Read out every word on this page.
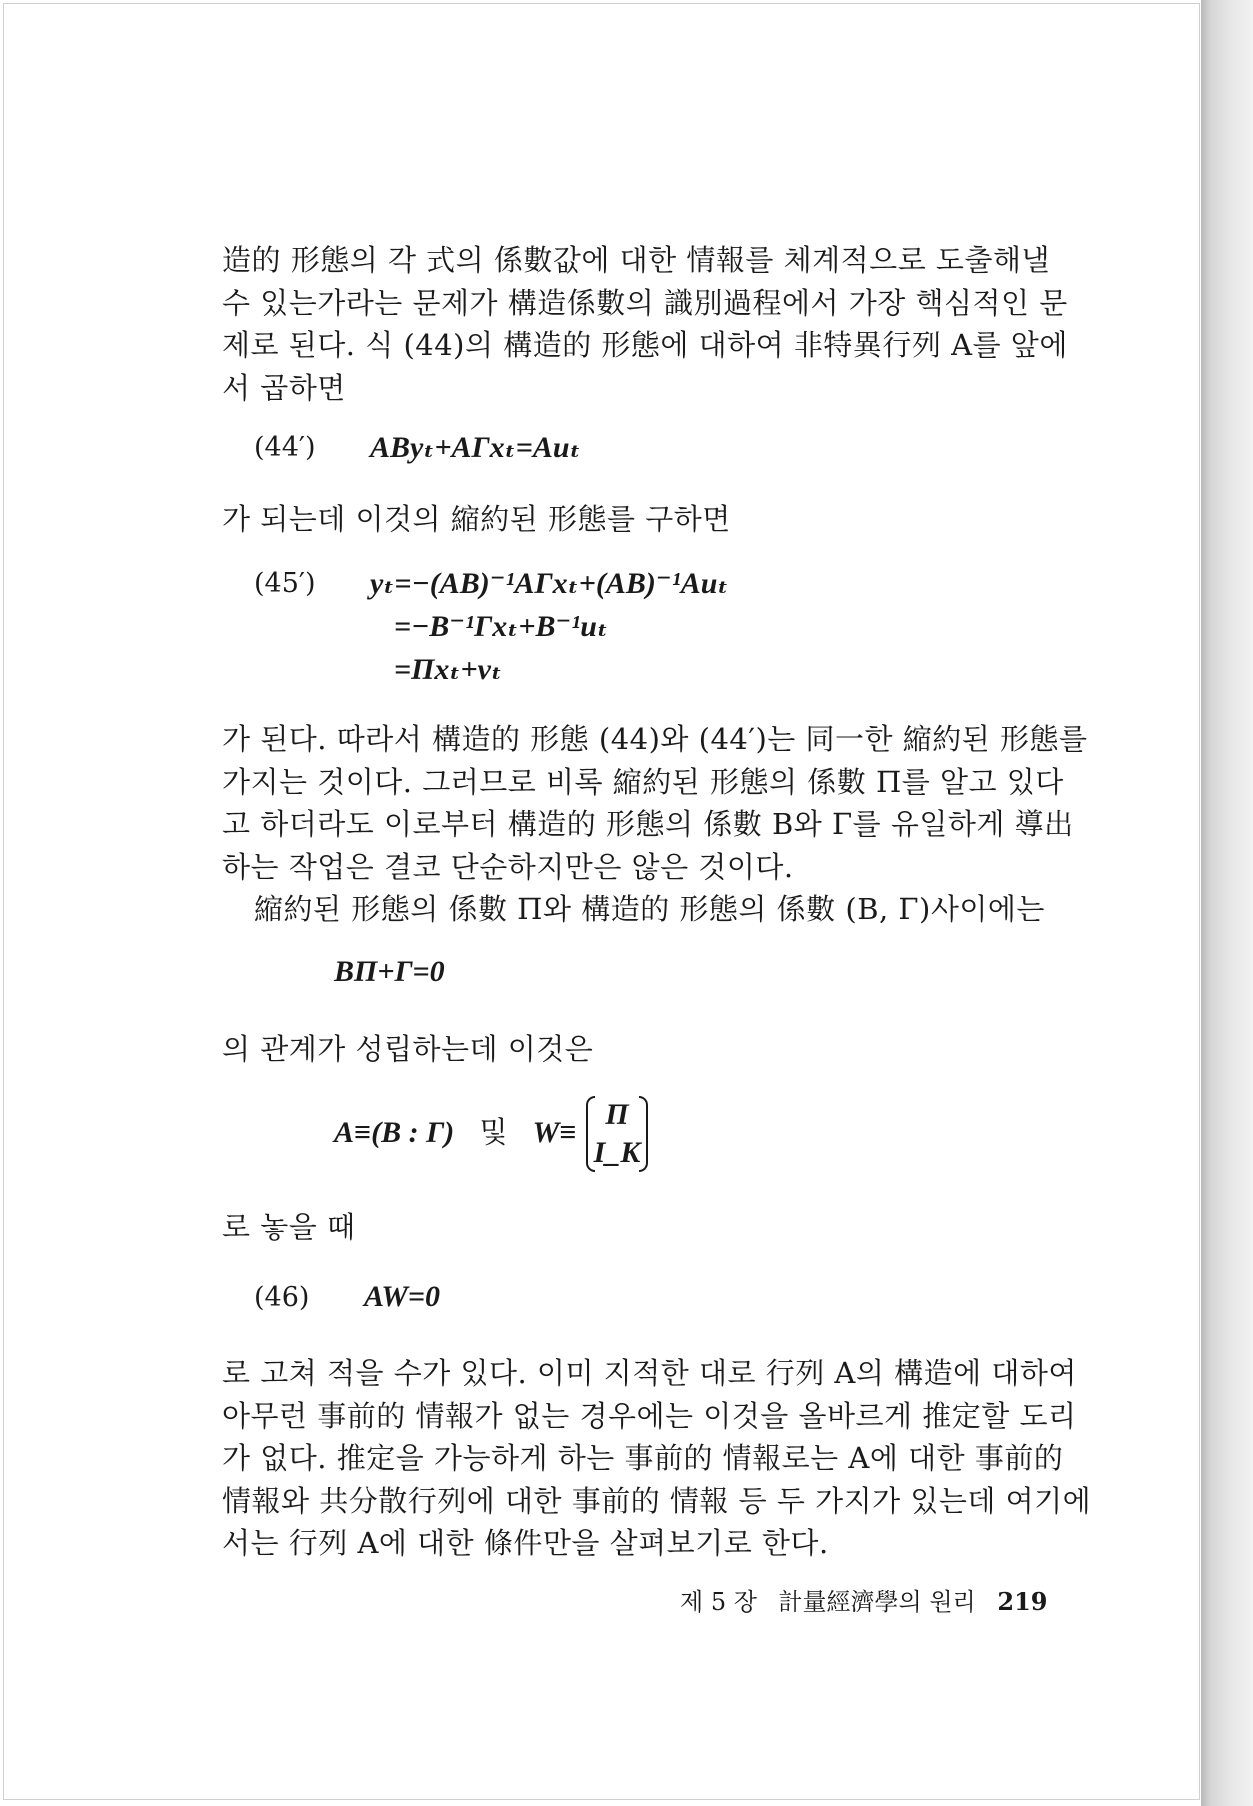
造的 形態의 각 式의 係數값에 대한 情報를 체계적으로 도출해낼
수 있는가라는 문제가 構造係數의 識別過程에서 가장 핵심적인 문
제로 된다. 식 (44)의 構造的 形態에 대하여 非特異行列 A를 앞에
서 곱하면
(44′) AByₜ+AΓxₜ=Auₜ
가 되는데 이것의 縮約된 形態를 구하면
(45′) yₜ=−(AB)⁻¹AΓxₜ+(AB)⁻¹Auₜ
=−B⁻¹Γxₜ+B⁻¹uₜ
=Πxₜ+vₜ
가 된다. 따라서 構造的 形態 (44)와 (44′)는 同一한 縮約된 形態를
가지는 것이다. 그러므로 비록 縮約된 形態의 係數 Π를 알고 있다
고 하더라도 이로부터 構造的 形態의 係數 B와 Γ를 유일하게 導出
하는 작업은 결코 단순하지만은 않은 것이다.
縮約된 形態의 係數 Π와 構造的 形態의 係數 (B, Γ)사이에는
BΠ+Γ=0
의 관계가 성립하는데 이것은
A≡(B : Γ) 및 W≡
Π
I_K
로 놓을 때
(46) AW=0
로 고쳐 적을 수가 있다. 이미 지적한 대로 行列 A의 構造에 대하여
아무런 事前的 情報가 없는 경우에는 이것을 올바르게 推定할 도리
가 없다. 推定을 가능하게 하는 事前的 情報로는 A에 대한 事前的
情報와 共分散行列에 대한 事前的 情報 등 두 가지가 있는데 여기에
서는 行列 A에 대한 條件만을 살펴보기로 한다.
제 5 장 計量經濟學의 원리 219
